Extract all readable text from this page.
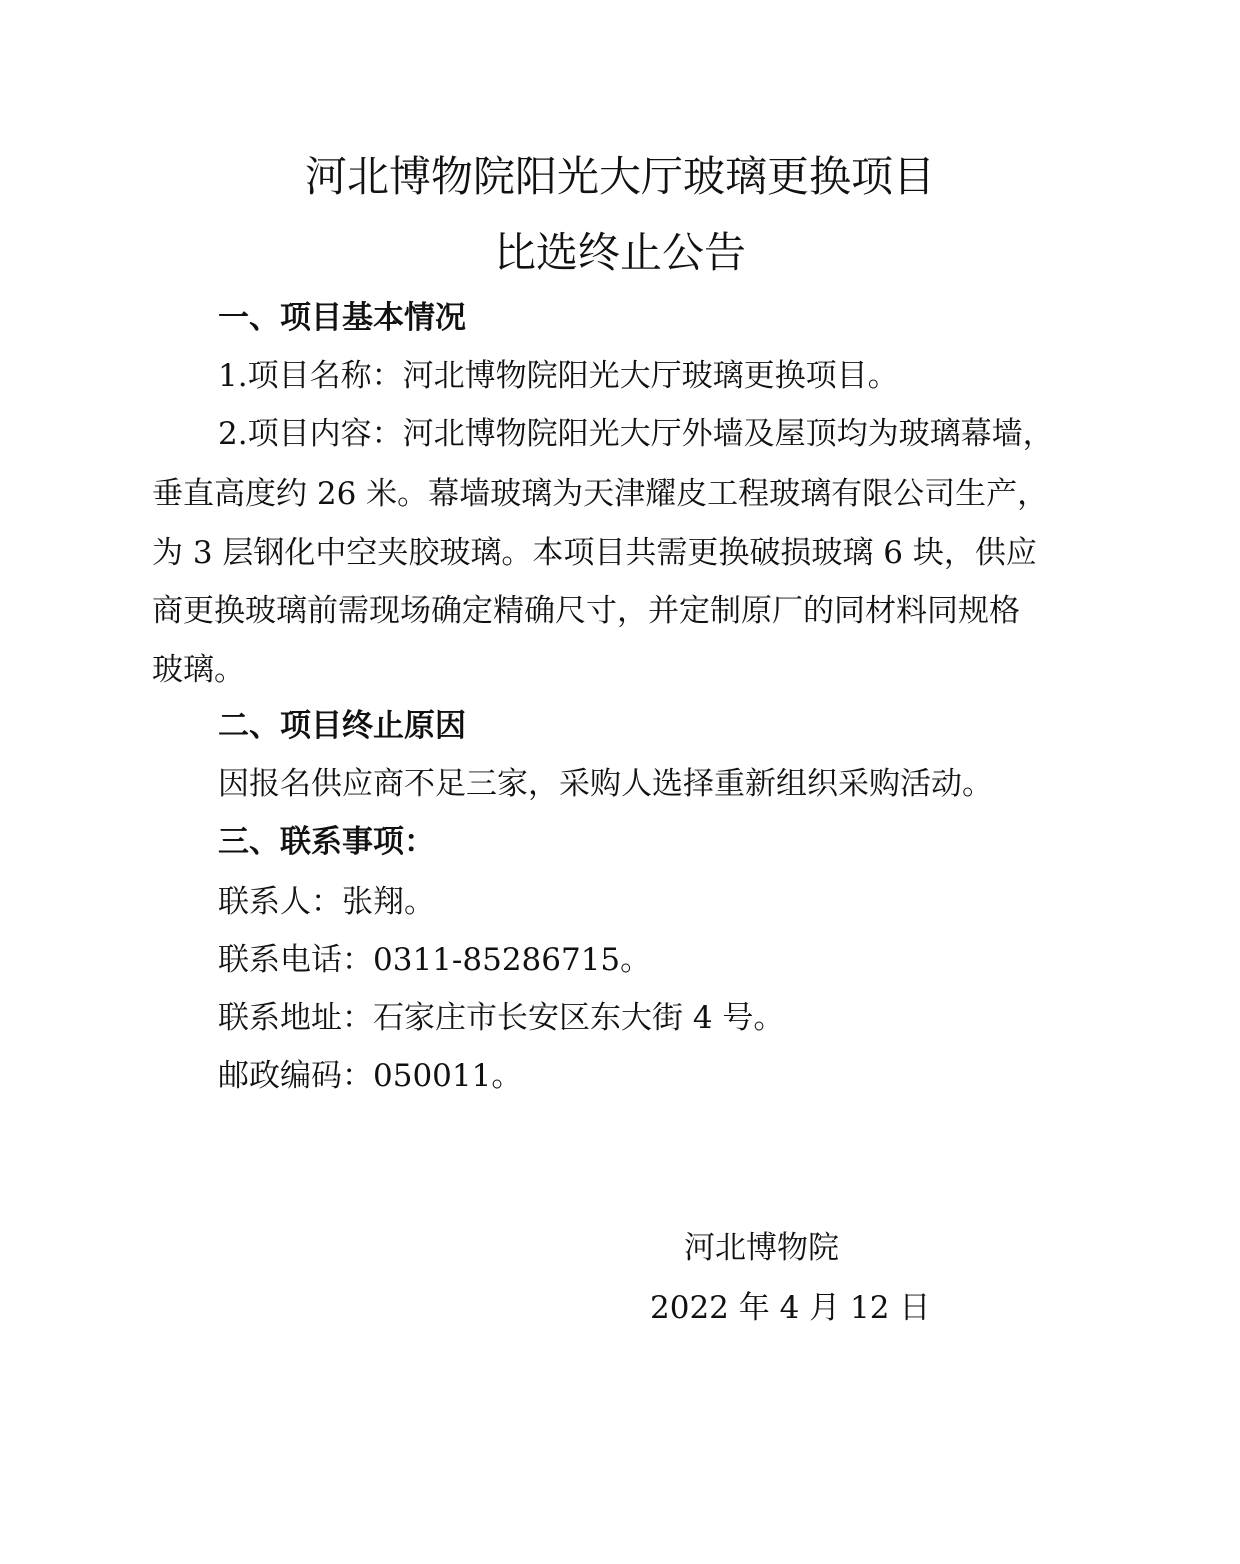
河北博物院阳光大厅玻璃更换项目
比选终止公告
一、项目基本情况
1.项目名称：河北博物院阳光大厅玻璃更换项目。
2.项目内容：河北博物院阳光大厅外墙及屋顶均为玻璃幕墙，
垂直高度约 26 米。幕墙玻璃为天津耀皮工程玻璃有限公司生产，
为 3 层钢化中空夹胶玻璃。本项目共需更换破损玻璃 6 块，供应
商更换玻璃前需现场确定精确尺寸，并定制原厂的同材料同规格
玻璃。
二、项目终止原因
因报名供应商不足三家，采购人选择重新组织采购活动。
三、联系事项：
联系人：张翔。
联系电话：0311-85286715。
联系地址：石家庄市长安区东大街 4 号。
邮政编码：050011。
河北博物院
2022 年 4 月 12 日
